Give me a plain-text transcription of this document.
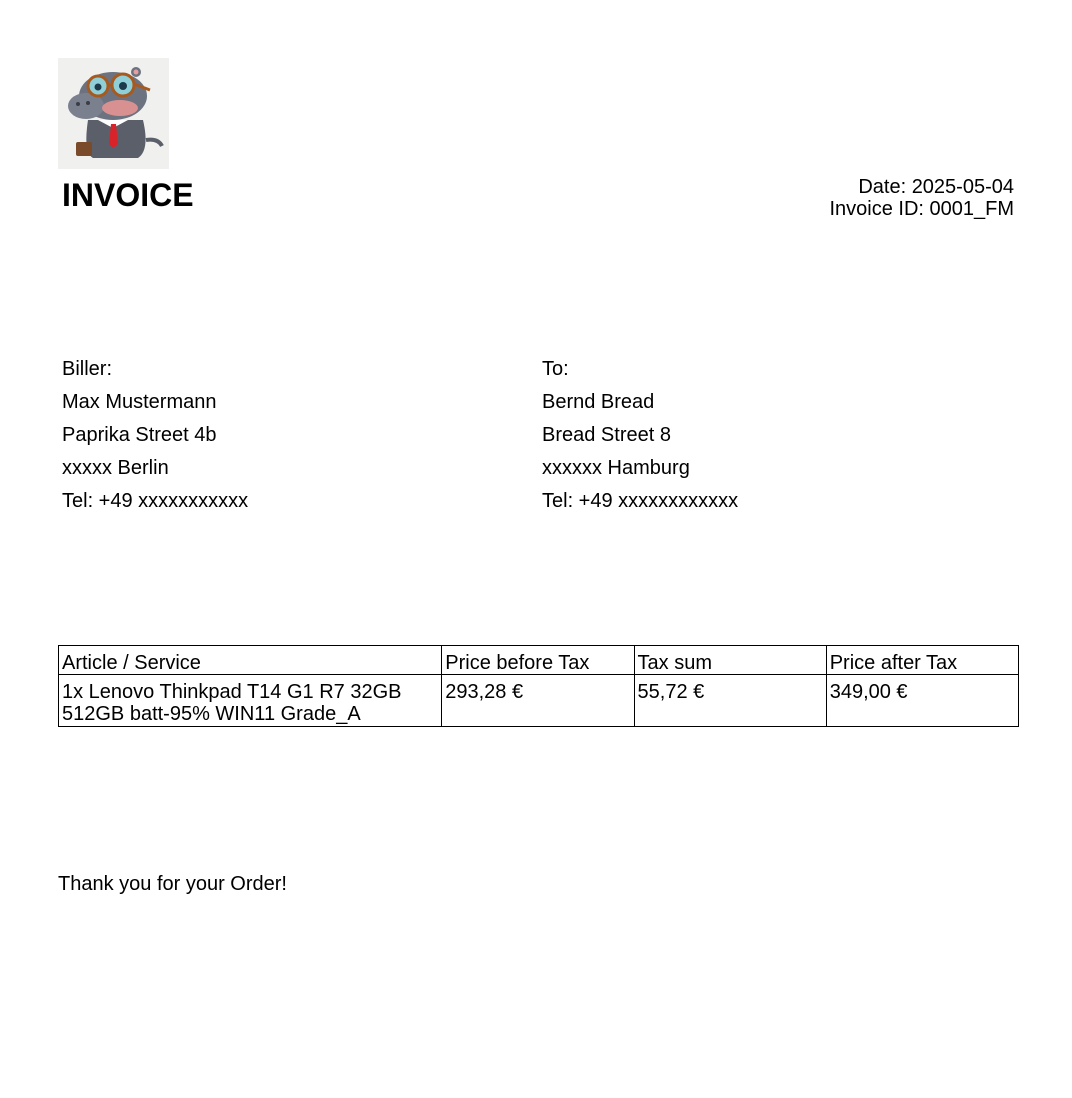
INVOICE	Date: 2025-05-04
Invoice ID: 0001_FM
Biller:
Max Mustermann
Paprika Street 4b
xxxxx Berlin
Tel: +49 xxxxxxxxxxx
To:
Bernd Bread
Bread Street 8
xxxxxx Hamburg
Tel: +49 xxxxxxxxxxxx
Article / Service	Price before Tax	Tax sum	Price after Tax

1x Lenovo Thinkpad T14 G1 R7 32GB
512GB batt-95% WIN11 Grade_A	293,28 €	55,72 €	349,00 €
Thank you for your Order!
